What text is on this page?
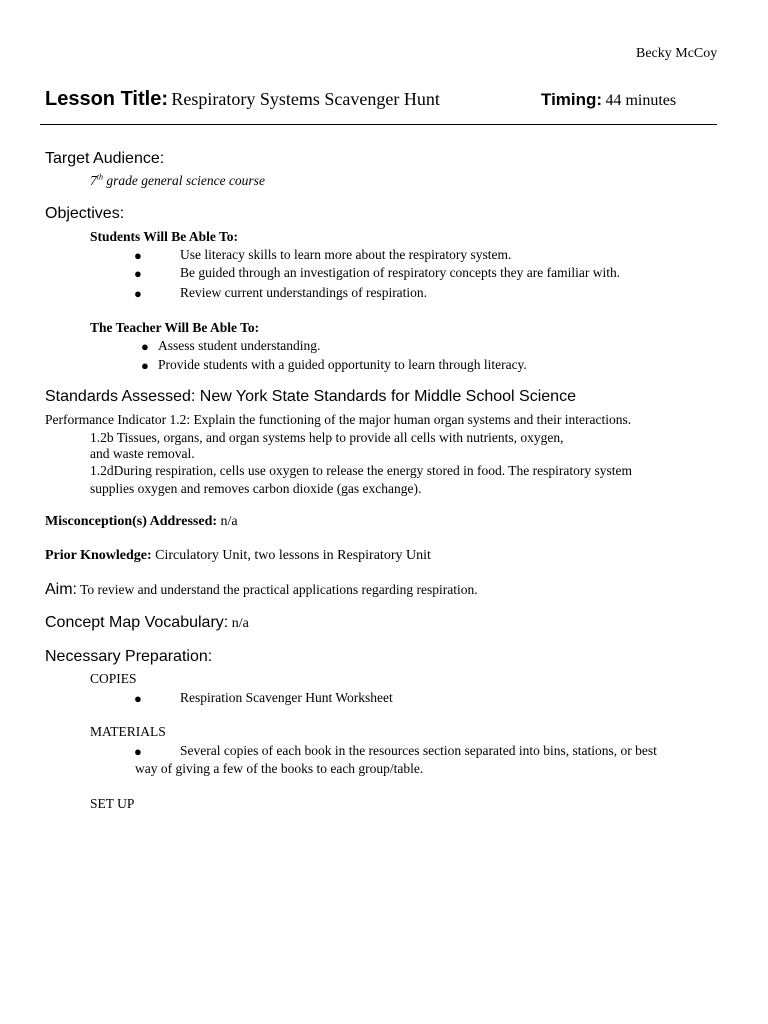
Becky McCoy
Lesson Title: Respiratory Systems Scavenger Hunt	Timing: 44 minutes
Target Audience:
7th grade general science course
Objectives:
Students Will Be Able To:
●	Use literacy skills to learn more about the respiratory system.
●	Be guided through an investigation of respiratory concepts they are familiar with.
●	Review current understandings of respiration.
The Teacher Will Be Able To:
● Assess student understanding.
● Provide students with a guided opportunity to learn through literacy.
Standards Assessed: New York State Standards for Middle School Science
Performance Indicator 1.2: Explain the functioning of the major human organ systems and their interactions.
1.2b Tissues, organs, and organ systems help to provide all cells with nutrients, oxygen,
and waste removal.
1.2dDuring respiration, cells use oxygen to release the energy stored in food. The respiratory system
supplies oxygen and removes carbon dioxide (gas exchange).
Misconception(s) Addressed: n/a
Prior Knowledge: Circulatory Unit, two lessons in Respiratory Unit
Aim: To review and understand the practical applications regarding respiration.
Concept Map Vocabulary: n/a
Necessary Preparation:
COPIES
●	Respiration Scavenger Hunt Worksheet
MATERIALS
●	Several copies of each book in the resources section separated into bins, stations, or best
way of giving a few of the books to each group/table.
SET UP
